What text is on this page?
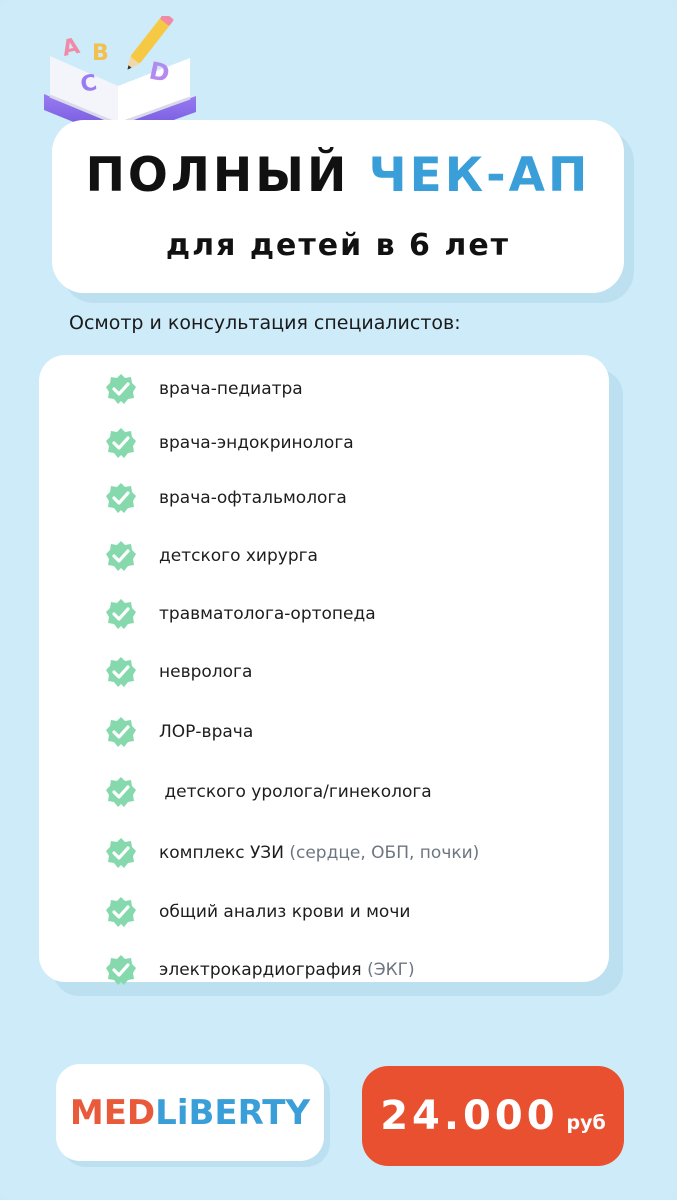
A B
C D
ПОЛНЫЙ ЧЕК-АП
для детей в 6 лет
Осмотр и консультация специалистов:
врача-педиатра
врача-эндокринолога
врача-офтальмолога
детского хирурга
травматолога-ортопеда
невролога
ЛОР-врача
детского уролога/гинеколога
комплекс УЗИ (сердце, ОБП, почки)
общий анализ крови и мочи
электрокардиография (ЭКГ)
MEDLiBERTY 24.000 руб
